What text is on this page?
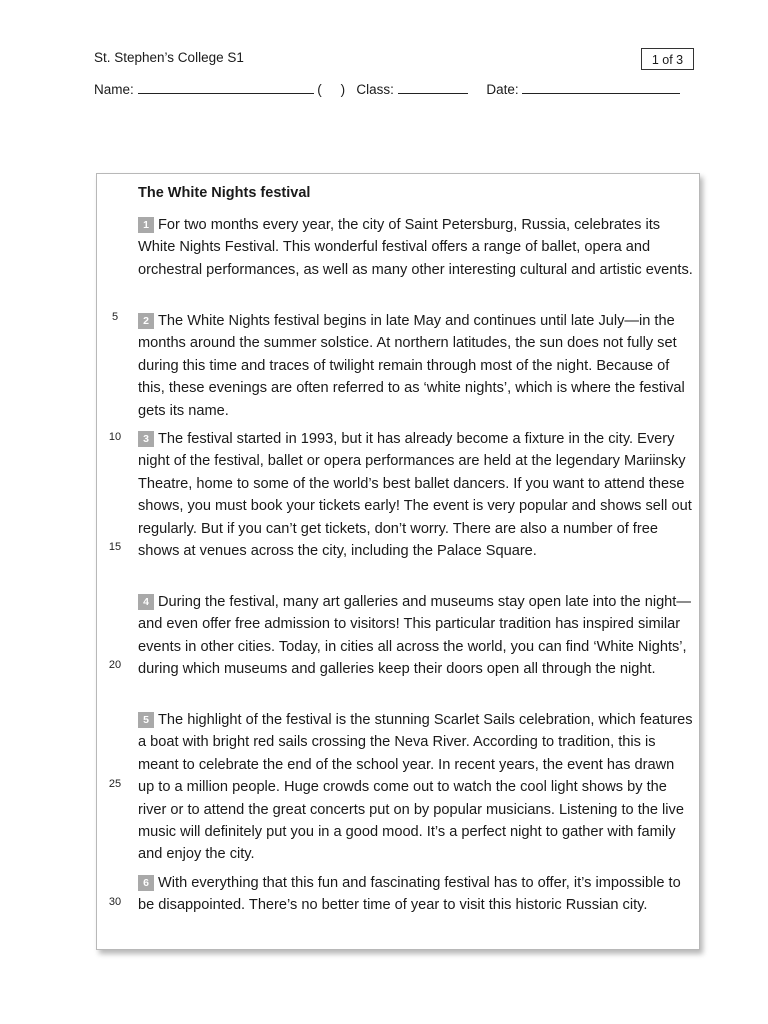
St. Stephen’s College S1	1 of 3
Name:	( ) Class:	Date:
The White Nights festival
1 For two months every year, the city of Saint Petersburg, Russia, celebrates its White Nights Festival. This wonderful festival offers a range of ballet, opera and orchestral performances, as well as many other interesting cultural and artistic events.
2 The White Nights festival begins in late May and continues until late July—in the months around the summer solstice. At northern latitudes, the sun does not fully set during this time and traces of twilight remain through most of the night. Because of this, these evenings are often referred to as ‘white nights’, which is where the festival gets its name.
3 The festival started in 1993, but it has already become a fixture in the city. Every night of the festival, ballet or opera performances are held at the legendary Mariinsky Theatre, home to some of the world’s best ballet dancers. If you want to attend these shows, you must book your tickets early! The event is very popular and shows sell out regularly. But if you can’t get tickets, don’t worry. There are also a number of free shows at venues across the city, including the Palace Square.
4 During the festival, many art galleries and museums stay open late into the night—and even offer free admission to visitors! This particular tradition has inspired similar events in other cities. Today, in cities all across the world, you can find ‘White Nights’, during which museums and galleries keep their doors open all through the night.
5 The highlight of the festival is the stunning Scarlet Sails celebration, which features a boat with bright red sails crossing the Neva River. According to tradition, this is meant to celebrate the end of the school year. In recent years, the event has drawn up to a million people. Huge crowds come out to watch the cool light shows by the river or to attend the great concerts put on by popular musicians. Listening to the live music will definitely put you in a good mood. It’s a perfect night to gather with family and enjoy the city.
6 With everything that this fun and fascinating festival has to offer, it’s impossible to be disappointed. There’s no better time of year to visit this historic Russian city.
5
10
15
20
25
30
